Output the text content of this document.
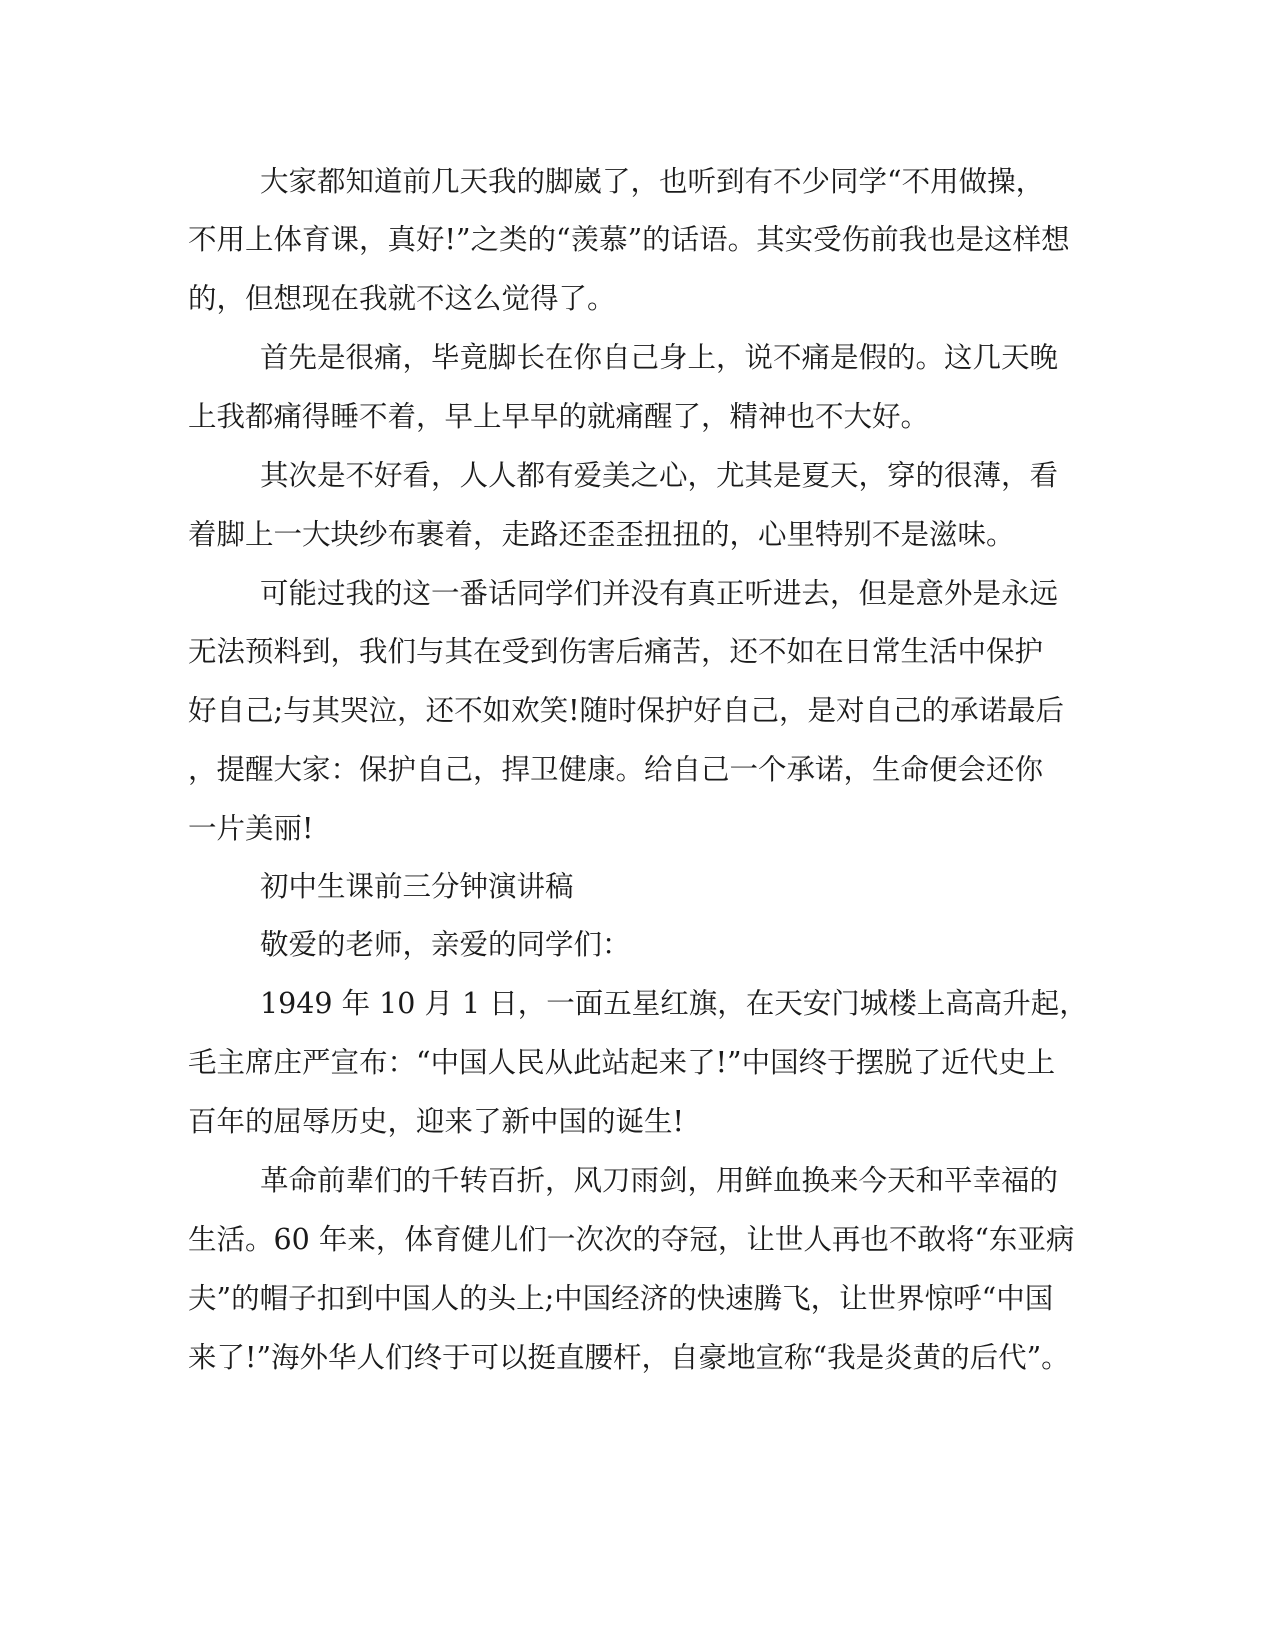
大家都知道前几天我的脚崴了，也听到有不少同学“不用做操，
不用上体育课，真好!”之类的“羡慕”的话语。其实受伤前我也是这样想
的，但想现在我就不这么觉得了。
首先是很痛，毕竟脚长在你自己身上，说不痛是假的。这几天晚
上我都痛得睡不着，早上早早的就痛醒了，精神也不大好。
其次是不好看，人人都有爱美之心，尤其是夏天，穿的很薄，看
着脚上一大块纱布裹着，走路还歪歪扭扭的，心里特别不是滋味。
可能过我的这一番话同学们并没有真正听进去，但是意外是永远
无法预料到，我们与其在受到伤害后痛苦，还不如在日常生活中保护
好自己;与其哭泣，还不如欢笑!随时保护好自己，是对自己的承诺最后
，提醒大家：保护自己，捍卫健康。给自己一个承诺，生命便会还你
一片美丽!
初中生课前三分钟演讲稿
敬爱的老师，亲爱的同学们：
1949 年 10 月 1 日，一面五星红旗，在天安门城楼上高高升起，
毛主席庄严宣布：“中国人民从此站起来了!”中国终于摆脱了近代史上
百年的屈辱历史，迎来了新中国的诞生!
革命前辈们的千转百折，风刀雨剑，用鲜血换来今天和平幸福的
生活。60 年来，体育健儿们一次次的夺冠，让世人再也不敢将“东亚病
夫”的帽子扣到中国人的头上;中国经济的快速腾飞，让世界惊呼“中国
来了!”海外华人们终于可以挺直腰杆，自豪地宣称“我是炎黄的后代”。
